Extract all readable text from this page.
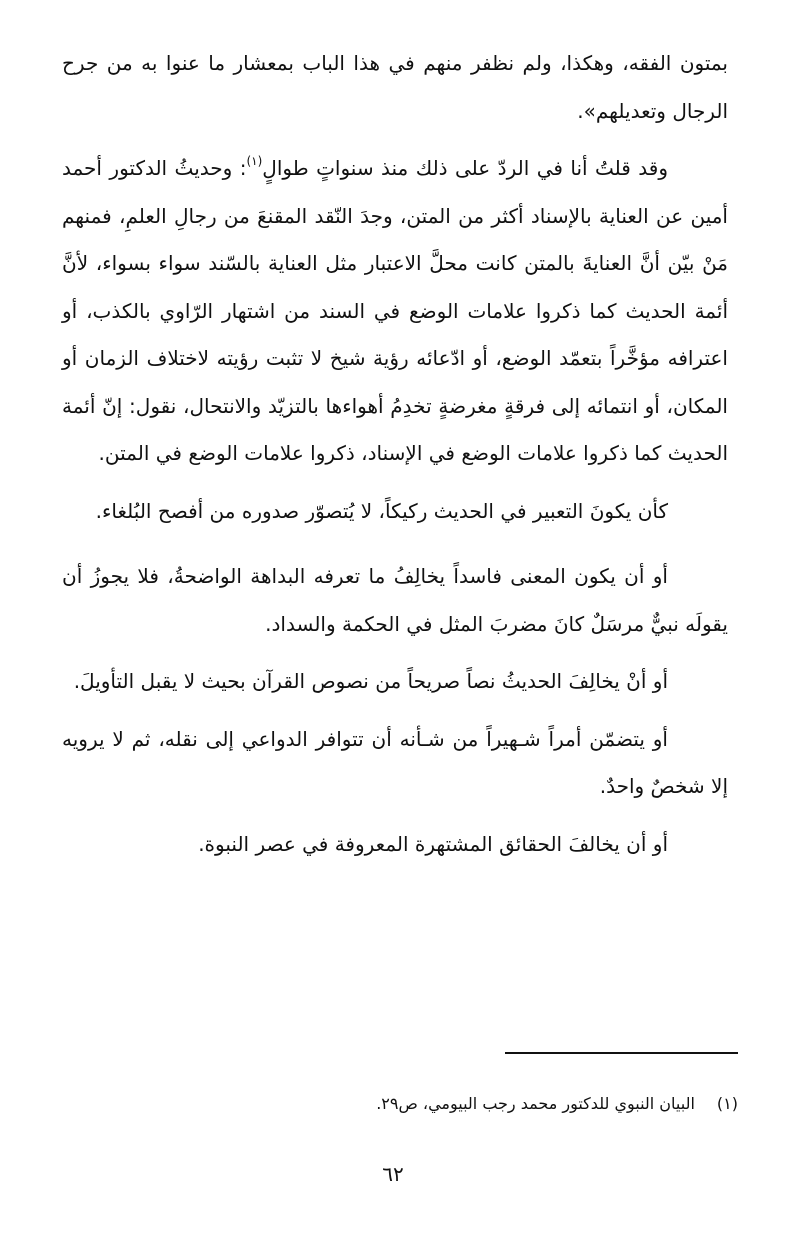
بمتون الفقه، وهكذا، ولم نظفر منهم في هذا الباب بمعشار ما عنوا به من جرح الرجال وتعديلهم».

وقد قلتُ أنا في الردّ على ذلك منذ سنواتٍ طوالٍ$^{(١)}$: وحديثُ الدكتور أحمد أمين عن العناية بالإسناد أكثر من المتن، وجدَ النّقد المقنعَ من رجالِ العلمِ، فمنهم مَنْ بيّن أنَّ العنايةَ بالمتن كانت محلَّ الاعتبار مثل العناية بالسّند سواء بسواء، لأنَّ أئمة الحديث كما ذكروا علامات الوضع في السند من اشتهار الرّاوي بالكذب، أو اعترافه مؤخَّراً بتعمّد الوضع، أو ادّعائه رؤية شيخ لا تثبت رؤيته لاختلاف الزمان أو المكان، أو انتمائه إلى فرقةٍ مغرضةٍ تخدِمُ أهواءها بالتزيّد والانتحال، نقول: إنّ أئمة الحديث كما ذكروا علامات الوضع في الإسناد، ذكروا علامات الوضع في المتن.

كأن يكونَ التعبير في الحديث ركيكاً، لا يُتصوّر صدوره من أفصح البُلغاء.

أو أن يكون المعنى فاسداً يخالِفُ ما تعرفه البداهة الواضحةُ، فلا يجوزُ أن يقولَه نبيٌّ مرسَلٌ كانَ مضربَ المثل في الحكمة والسداد.

أو أنْ يخالِفَ الحديثُ نصاً صريحاً من نصوص القرآن بحيث لا يقبل التأويلَ.

أو يتضمّن أمراً شـهيراً من شـأنه أن تتوافر الدواعي إلى نقله، ثم لا يرويه إلا شخصٌ واحدٌ.

أو أن يخالفَ الحقائق المشتهرة المعروفة في عصر النبوة.

(١)البيان النبوي للدكتور محمد رجب البيومي، ص٢٩.
٦٢
